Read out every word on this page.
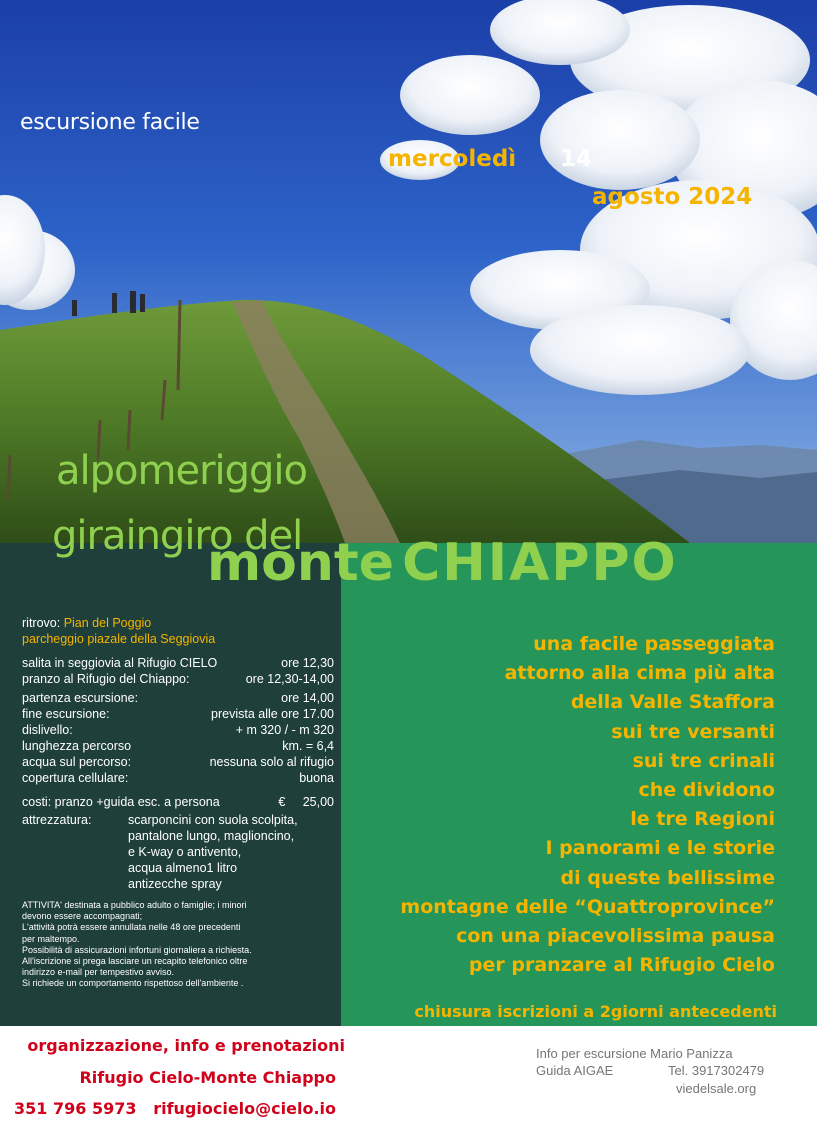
escursione facile
mercoledì 14
agosto 2024
alpomeriggio
giraingiro del
monte CHIAPPO
ritrovo: Pian del Poggio
parcheggio piazale della Seggiovia
salita in seggiovia al Rifugio CIELO	ore 12,30
pranzo al Rifugio del Chiappo:	ore 12,30-14,00
partenza escursione:	ore 14,00
fine escursione:	prevista alle ore 17.00
dislivello:	+ m 320 / - m 320
lunghezza percorso	km. = 6,4
acqua sul percorso:	nessuna solo al rifugio
copertura cellulare:	buona
costi: pranzo +guida esc. a persona	€ 25,00
attrezzatura:	scarponcini con suola scolpita,
pantalone lungo, maglioncino,
e K-way o antivento,
acqua almeno1 litro
antizecche spray
ATTIVITA' destinata a pubblico adulto o famiglie; i minori
devono essere accompagnati;
L'attività potrà essere annullata nelle 48 ore precedenti
per maltempo.
Possibilità di assicurazioni infortuni giornaliera a richiesta.
All'iscrizione si prega lasciare un recapito telefonico oltre
indirizzo e-mail per tempestivo avviso.
Si richiede un comportamento rispettoso dell'ambiente .
una facile passeggiata
attorno alla cima più alta
della Valle Staffora
sui tre versanti
sui tre crinali
che dividono
le tre Regioni
I panorami e le storie
di queste bellissime
montagne delle “Quattroprovince”
con una piacevolissima pausa
per pranzare al Rifugio Cielo
chiusura iscrizioni a 2giorni antecedenti
organizzazione, info e prenotazioni
Rifugio Cielo-Monte Chiappo
351 796 5973 rifugiocielo@cielo.io
Info per escursione Mario Panizza
Guida AIGAE	Tel. 3917302479
viedelsale.org
